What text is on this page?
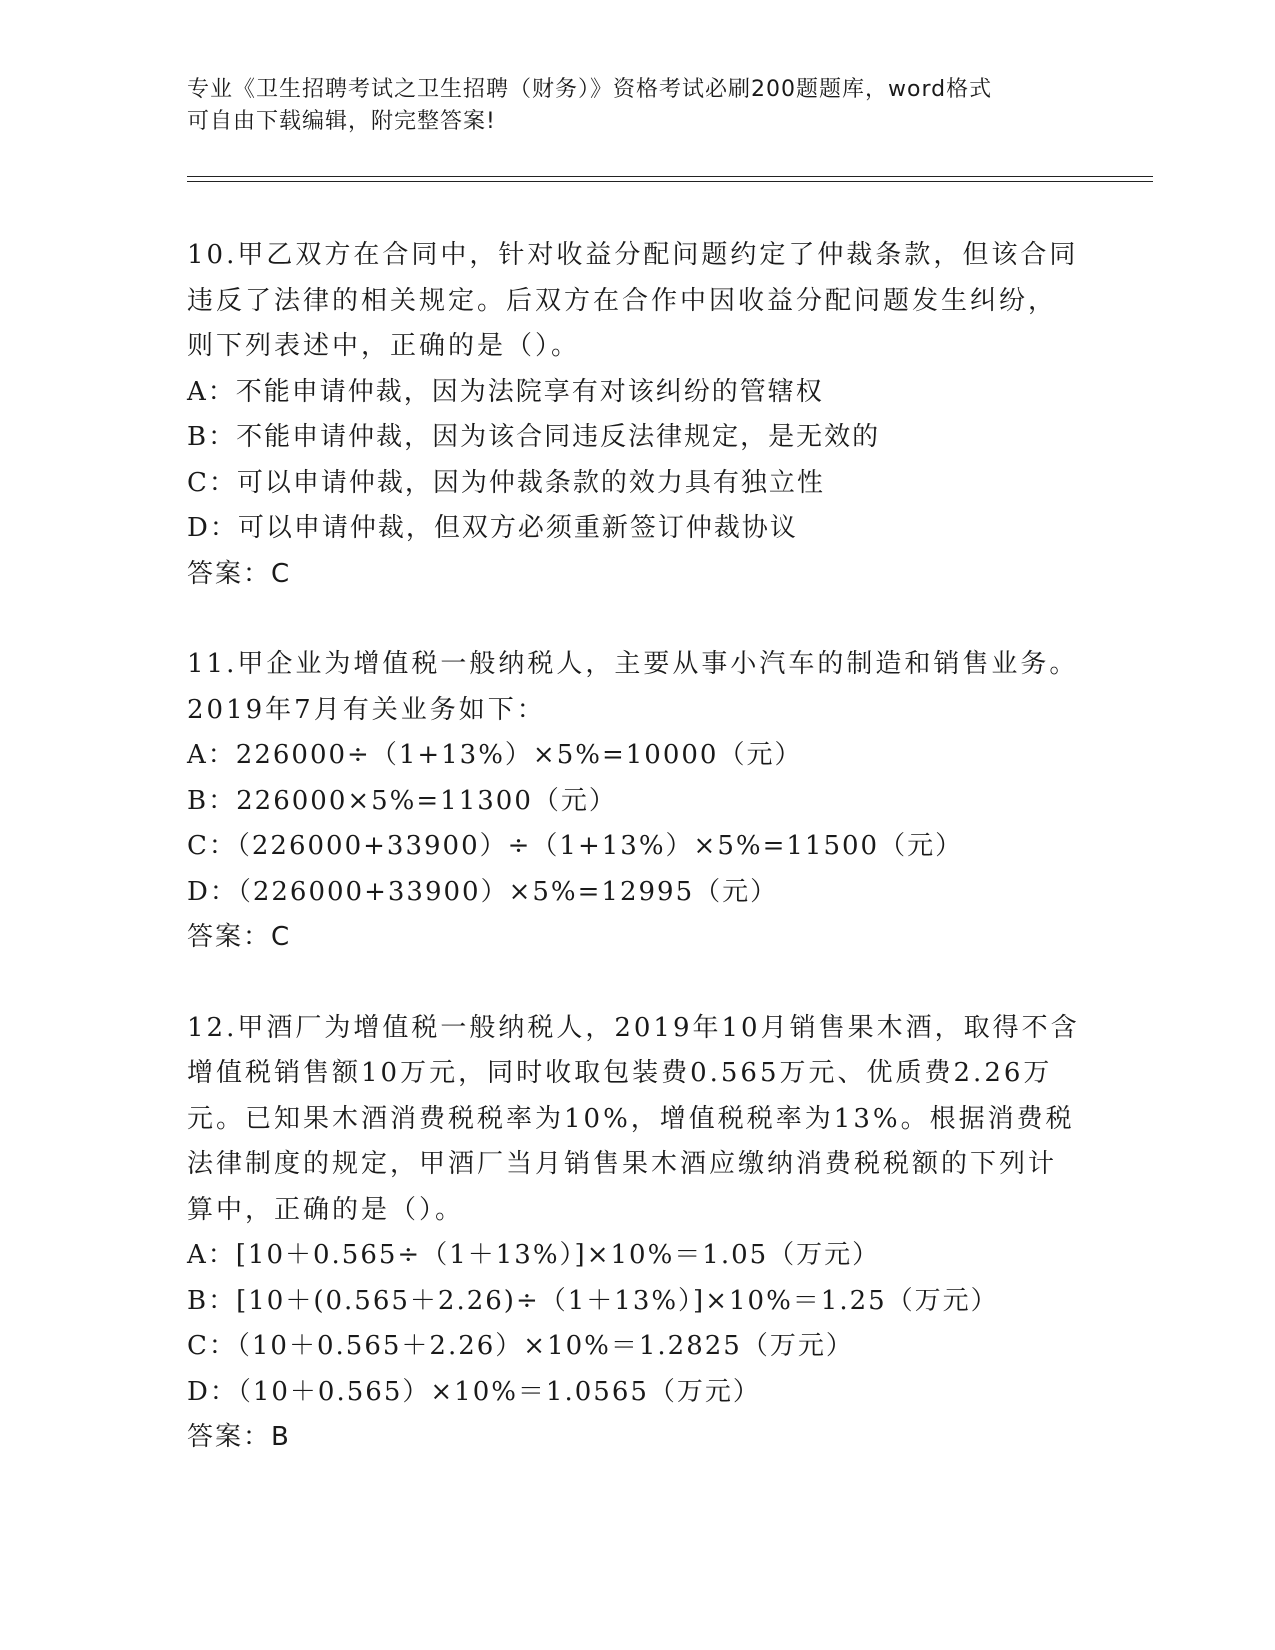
专业《卫生招聘考试之卫生招聘（财务）》资格考试必刷200题题库，word格式
可自由下载编辑，附完整答案!
10.甲乙双方在合同中，针对收益分配问题约定了仲裁条款，但该合同
违反了法律的相关规定。后双方在合作中因收益分配问题发生纠纷，
则下列表述中，正确的是（）。
A：不能申请仲裁，因为法院享有对该纠纷的管辖权
B：不能申请仲裁，因为该合同违反法律规定，是无效的
C：可以申请仲裁，因为仲裁条款的效力具有独立性
D：可以申请仲裁，但双方必须重新签订仲裁协议
答案：C
11.甲企业为增值税一般纳税人，主要从事小汽车的制造和销售业务。
2019年7月有关业务如下：
A：226000÷（1+13%）×5%=10000（元）
B：226000×5%=11300（元）
C：（226000+33900）÷（1+13%）×5%=11500（元）
D：（226000+33900）×5%=12995（元）
答案：C
12.甲酒厂为增值税一般纳税人，2019年10月销售果木酒，取得不含
增值税销售额10万元，同时收取包装费0.565万元、优质费2.26万
元。已知果木酒消费税税率为10%，增值税税率为13%。根据消费税
法律制度的规定，甲酒厂当月销售果木酒应缴纳消费税税额的下列计
算中，正确的是（）。
A：[10＋0.565÷（1＋13%）]×10%＝1.05（万元）
B：[10＋(0.565＋2.26)÷（1＋13%）]×10%＝1.25（万元）
C：（10＋0.565＋2.26）×10%＝1.2825（万元）
D：（10＋0.565）×10%＝1.0565（万元）
答案：B
